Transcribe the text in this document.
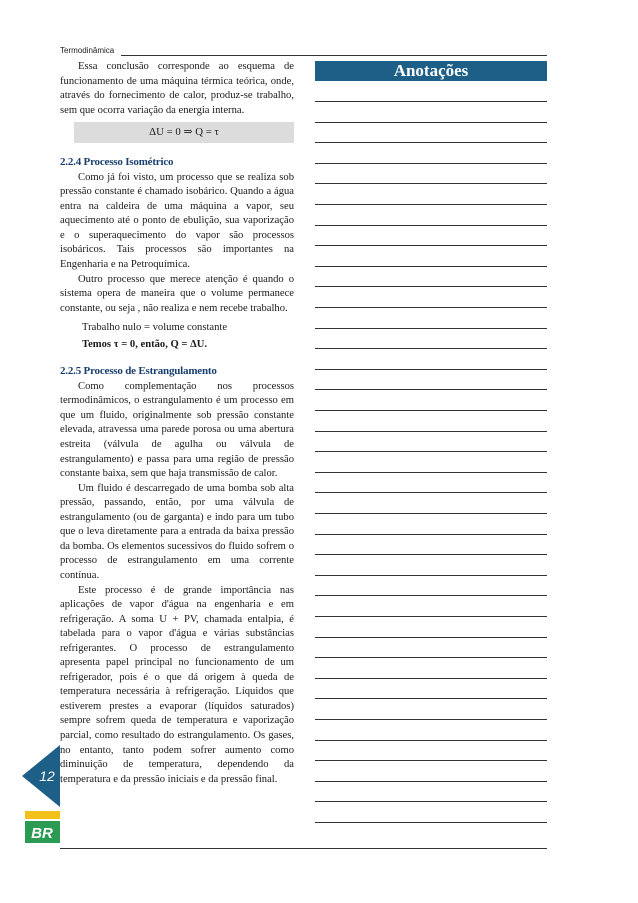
Termodinâmica

Essa conclusão corresponde ao esquema de funcionamento de uma máquina térmica teórica, onde, através do fornecimento de calor, produz-se trabalho, sem que ocorra variação da energia interna.

ΔU = 0 ⇒ Q = τ
2.2.4 Processo Isométrico

Como já foi visto, um processo que se realiza sob pressão constante é chamado isobárico. Quando a água entra na caldeira de uma máquina a vapor, seu aquecimento até o ponto de ebulição, sua vaporização e o superaquecimento do vapor são processos isobáricos. Tais processos são importantes na Engenharia e na Petroquímica.

Outro processo que merece atenção é quando o sistema opera de maneira que o volume permanece constante, ou seja , não realiza e nem recebe trabalho.

Trabalho nulo = volume constante
Temos τ = 0, então, Q = ΔU.
2.2.5 Processo de Estrangulamento

Como complementação nos processos termodinâmicos, o estrangulamento é um processo em que um fluido, originalmente sob pressão constante elevada, atravessa uma parede porosa ou uma abertura estreita (válvula de agulha ou válvula de estrangulamento) e passa para uma região de pressão constante baixa, sem que haja transmissão de calor.

Um fluido é descarregado de uma bomba sob alta pressão, passando, então, por uma válvula de estrangulamento (ou de garganta) e indo para um tubo que o leva diretamente para a entrada da baixa pressão da bomba. Os elementos sucessivos do fluido sofrem o processo de estrangulamento em uma corrente contínua.

Este processo é de grande importância nas aplicações de vapor d'água na engenharia e em refrigeração. A soma U + PV, chamada entalpia, é tabelada para o vapor d'água e várias substâncias refrigerantes. O processo de estrangulamento apresenta papel principal no funcionamento de um refrigerador, pois é o que dá origem à queda de temperatura necessária à refrigeração. Líquidos que estiverem prestes a evaporar (líquidos saturados) sempre sofrem queda de temperatura e vaporização parcial, como resultado do estrangulamento. Os gases, no entanto, tanto podem sofrer aumento como diminuição de temperatura, dependendo da temperatura e da pressão iniciais e da pressão final.

Anotações
12
BR
